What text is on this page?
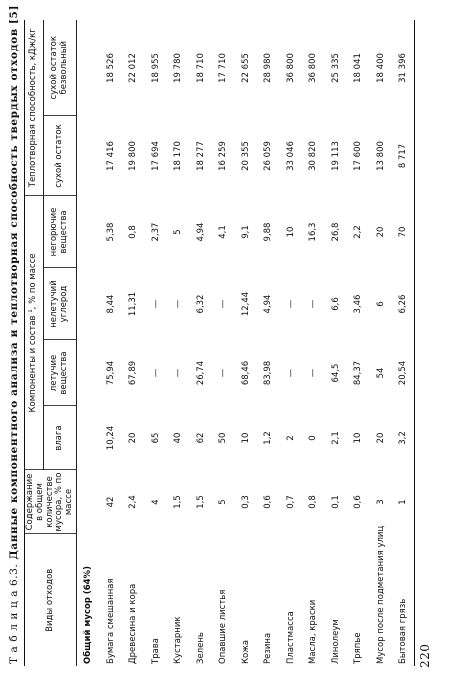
220
Т а б л и ц а 6.3. Данные компонентного анализа и теплотворная способность твердых отходов [5]
Виды отходов	Содержание в общем количестве мусора, % по массе	Компоненты и состав ¹, % по массе				Теплотворная способность, кДж/кг	
		влага	летучие вещества	нелетучий углерод	негорючие вещества	сухой остаток	сухой остаток безвольный
Общий мусор (64%)							
Бумага смешанная	42	10,24	75,94	8,44	5,38	17 416	18 526
Древесина и кора	2,4	20	67,89	11,31	0,8	19 800	22 012
Трава	4	65	—	—	2,37	17 694	18 955
Кустарник	1,5	40	—	—	5	18 170	19 780
Зелень	1,5	62	26,74	6,32	4,94	18 277	18 710
Опавшие листья	5	50	—	—	4,1	16 259	17 710
Кожа	0,3	10	68,46	12,44	9,1	20 355	22 655
Резина	0,6	1,2	83,98	4,94	9,88	26 059	28 980
Пластмасса	0,7	2	—	—	10	33 046	36 800
Масла, краски	0,8	0	—	—	16,3	30 820	36 800
Линолеум	0,1	2,1	64,5	6,6	26,8	19 113	25 335
Тряпье	0,6	10	84,37	3,46	2,2	17 600	18 041
Мусор после подметания улиц	3	20	54	6	20	13 800	18 400
Бытовая грязь	1	3,2	20,54	6,26	70	8 717	31 396
